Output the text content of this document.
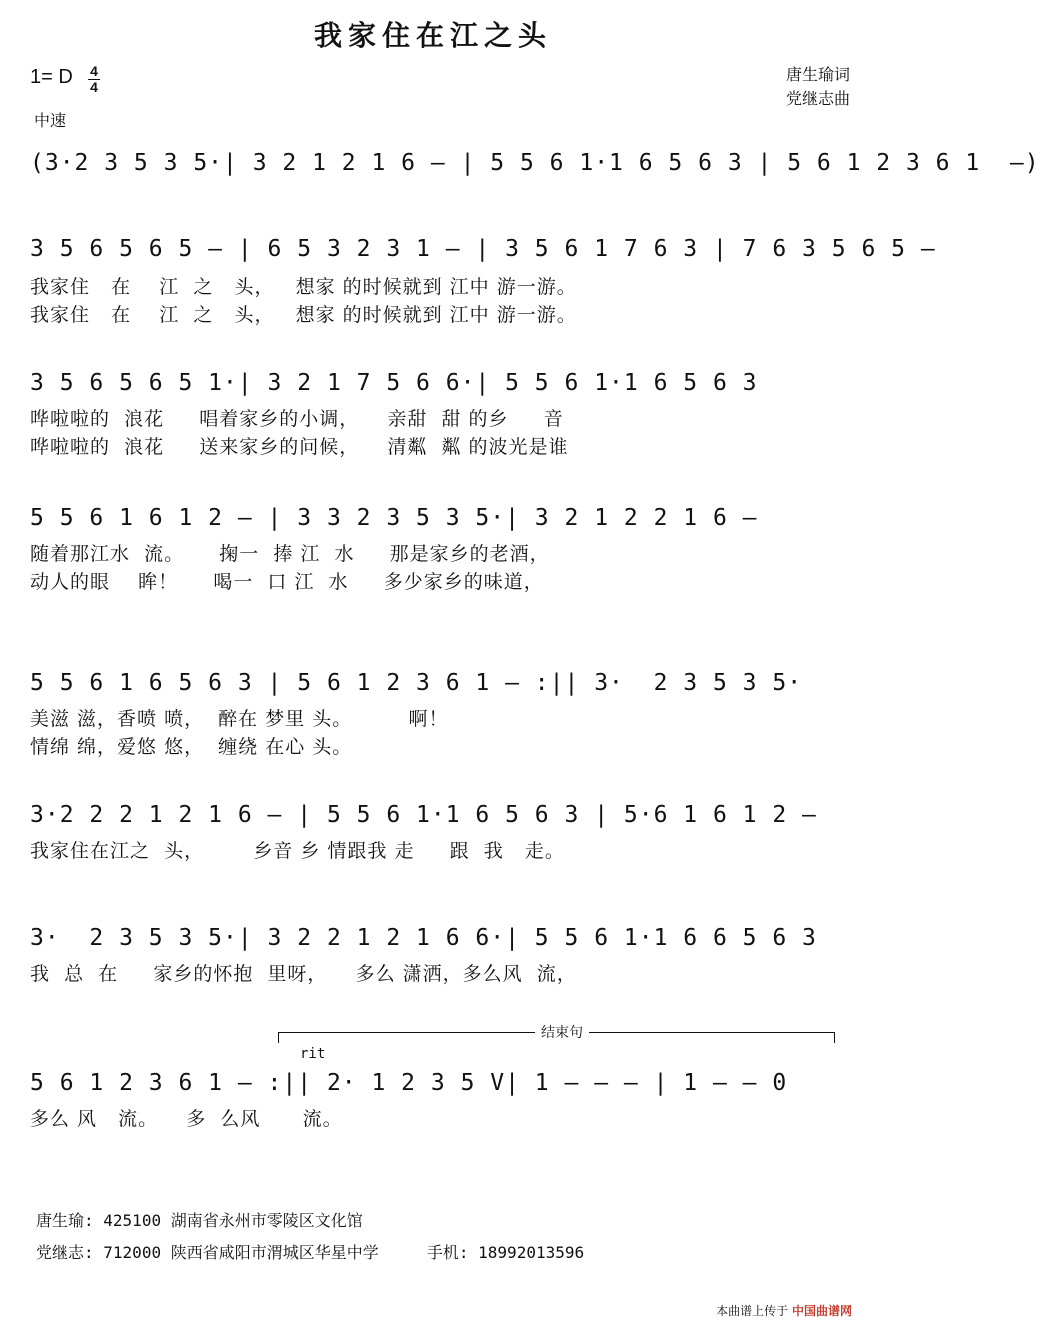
我家住在江之头
1= D 4
4
中速
唐生瑜词
党继志曲
(3·2 3 5 3 5·| 3 2 1 2 1 6 — | 5 5 6 1·1 6 5 6 3 | 5 6 1 2 3 6 1  —)
3 5 6 5 6 5 — | 6 5 3 2 3 1 — | 3 5 6 1 7 6 3 | 7 6 3 5 6 5 —
我家住   在    江  之   头，   想家 的时候就到 江中 游一游。
我家住   在    江  之   头，   想家 的时候就到 江中 游一游。
3 5 6 5 6 5 1·| 3 2 1 7 5 6 6·| 5 5 6 1·1 6 5 6 3
哗啦啦的  浪花     唱着家乡的小调，    亲甜  甜 的乡     音
哗啦啦的  浪花     送来家乡的问候，    清粼  粼 的波光是谁
5 5 6 1 6 1 2 — | 3 3 2 3 5 3 5·| 3 2 1 2 2 1 6 —
随着那江水  流。     掬一  捧 江  水     那是家乡的老酒，
动人的眼    眸！     喝一  口 江  水     多少家乡的味道，
5 5 6 1 6 5 6 3 | 5 6 1 2 3 6 1 — :|| 3·  2 3 5 3 5·
美滋 滋，香喷 喷，  醉在 梦里 头。        啊！
情绵 绵，爱悠 悠，  缠绕 在心 头。
3·2 2 2 1 2 1 6 — | 5 5 6 1·1 6 5 6 3 | 5·6 1 6 1 2 —
我家住在江之  头，       乡音 乡 情跟我 走     跟  我   走。
3·  2 3 5 3 5·| 3 2 2 1 2 1 6 6·| 5 5 6 1·1 6 6 5 6 3
我  总  在     家乡的怀抱  里呀，    多么 潇洒，多么风  流，
结束句
rit
5 6 1 2 3 6 1 — :|| 2· 1 2 3 5 V| 1 — — — | 1 — — 0
多么 风   流。    多  么风      流。
唐生瑜: 425100 湖南省永州市零陵区文化馆
党继志: 712000 陕西省咸阳市渭城区华星中学	手机: 18992013596
本曲谱上传于 中国曲谱网
